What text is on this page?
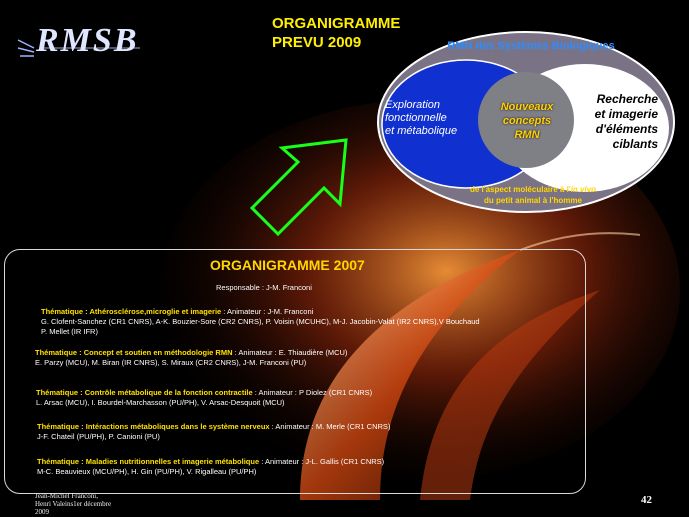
RMSB	ORGANIGRAMME
PREVU 2009	RMN des Systèmes Biologiques
Exploration
fonctionnelle
et métabolique
Nouveaux
concepts
RMN
Recherche
et imagerie
d'éléments
ciblants
de l'aspect moléculaire à l'in vivo
du petit animal à l'homme
ORGANIGRAMME 2007
Responsable : J-M. Franconi
Thématique : Athérosclérose,microglie et imagerie : Animateur : J-M. Franconi
G. Clofent-Sanchez (CR1 CNRS), A-K. Bouzier-Sore (CR2 CNRS), P. Voisin (MCUHC), M-J. Jacobin-Valat (IR2 CNRS),V Bouchaud
P. Mellet (IR IFR)
Thématique : Concept et soutien en méthodologie RMN : Animateur : E. Thiaudière (MCU)
E. Parzy (MCU), M. Biran (IR CNRS), S. Miraux (CR2 CNRS), J-M. Franconi (PU)
Thématique : Contrôle métabolique de la fonction contractile : Animateur : P Diolez (CR1 CNRS)
L. Arsac (MCU), I. Bourdel-Marchasson (PU/PH), V. Arsac-Desquoit (MCU)
Thématique : Intéractions métaboliques dans le système nerveux : Animateur : M. Merle (CR1 CNRS)
J-F. Chateil (PU/PH), P. Canioni (PU)
Thématique : Maladies nutritionnelles et imagerie métabolique : Animateur : J-L. Gallis (CR1 CNRS)
M-C. Beauvieux (MCU/PH), H. Gin (PU/PH), V. Rigalleau (PU/PH)
Jean-Michel Franconi,
Henri Valeins1er décembre
2009
42
